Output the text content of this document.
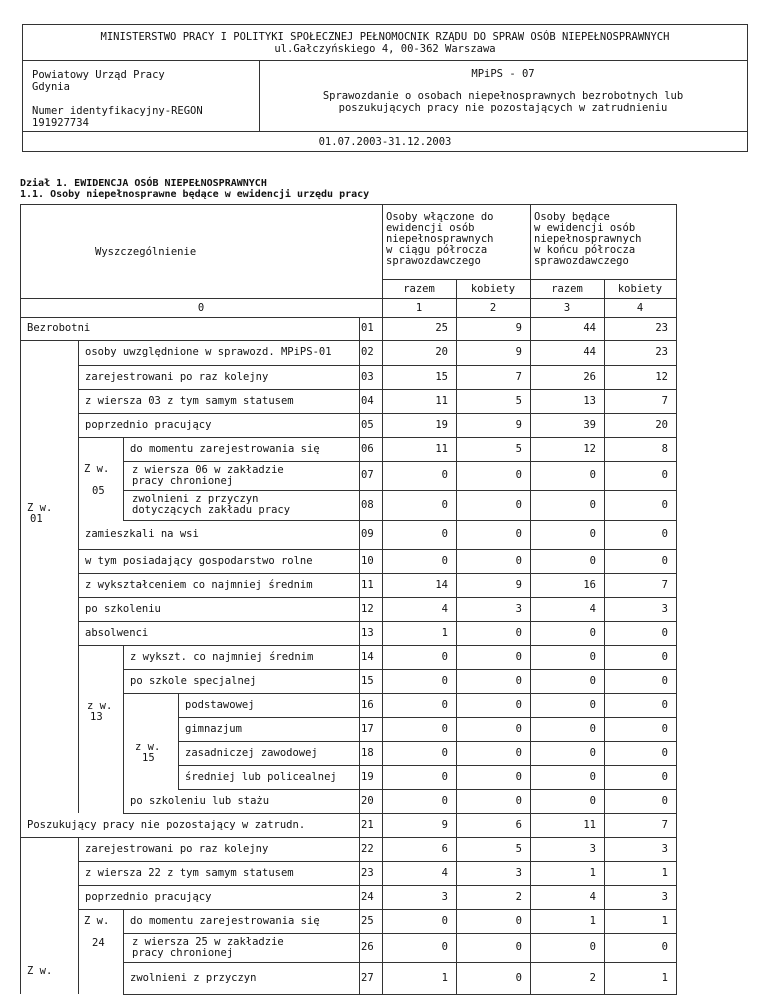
MINISTERSTWO PRACY I POLITYKI SPOŁECZNEJ PEŁNOMOCNIK RZĄDU DO SPRAW OSÓB NIEPEŁNOSPRAWNYCH
ul.Gałczyńskiego 4, 00-362 Warszawa
Powiatowy Urząd Pracy
Gdynia
Numer identyfikacyjny-REGON
191927734
MPiPS - 07
Sprawozdanie o osobach niepełnosprawnych bezrobotnych lub
poszukujących pracy nie pozostających w zatrudnieniu
01.07.2003-31.12.2003
Dział 1. EWIDENCJA OSÓB NIEPEŁNOSPRAWNYCH
1.1. Osoby niepełnosprawne będące w ewidencji urzędu pracy
Wyszczególnienie
Osoby włączone do
ewidencji osób
niepełnosprawnych
w ciągu półrocza
sprawozdawczego
Osoby będące
w ewidencji osób
niepełnosprawnych
w końcu półrocza
sprawozdawczego
razem	kobiety	razem	kobiety
0	1	2	3	4
Bezrobotni	01	25	9	44	23
osoby uwzględnione w sprawozd. MPiPS-01	02	20	9	44	23
zarejestrowani po raz kolejny	03	15	7	26	12
z wiersza 03 z tym samym statusem	04	11	5	13	7
poprzednio pracujący	05	19	9	39	20
do momentu zarejestrowania się	06	11	5	12	8
z wiersza 06 w zakładzie
pracy chronionej	07	0	0	0	0
zwolnieni z przyczyn
dotyczących zakładu pracy	08	0	0	0	0
zamieszkali na wsi	09	0	0	0	0
w tym posiadający gospodarstwo rolne	10	0	0	0	0
z wykształceniem co najmniej średnim	11	14	9	16	7
po szkoleniu	12	4	3	4	3
absolwenci	13	1	0	0	0
z wykszt. co najmniej średnim	14	0	0	0	0
po szkole specjalnej	15	0	0	0	0
podstawowej	16	0	0	0	0
gimnazjum	17	0	0	0	0
zasadniczej zawodowej	18	0	0	0	0
średniej lub policealnej 19	0	0	0	0
po szkoleniu lub stażu	20	0	0	0	0
Poszukujący pracy nie pozostający w zatrudn.	21	9	6	11	7
zarejestrowani po raz kolejny	22	6	5	3	3
z wiersza 22 z tym samym statusem	23	4	3	1	1
poprzednio pracujący	24	3	2	4	3
do momentu zarejestrowania się	25	0	0	1	1
z wiersza 25 w zakładzie
pracy chronionej	26	0	0	0	0
zwolnieni z przyczyn	27	1	0	2	1
Z w.
01
Z w.
05
z w.
13
z w.
15
Z w.
24
Z w.
